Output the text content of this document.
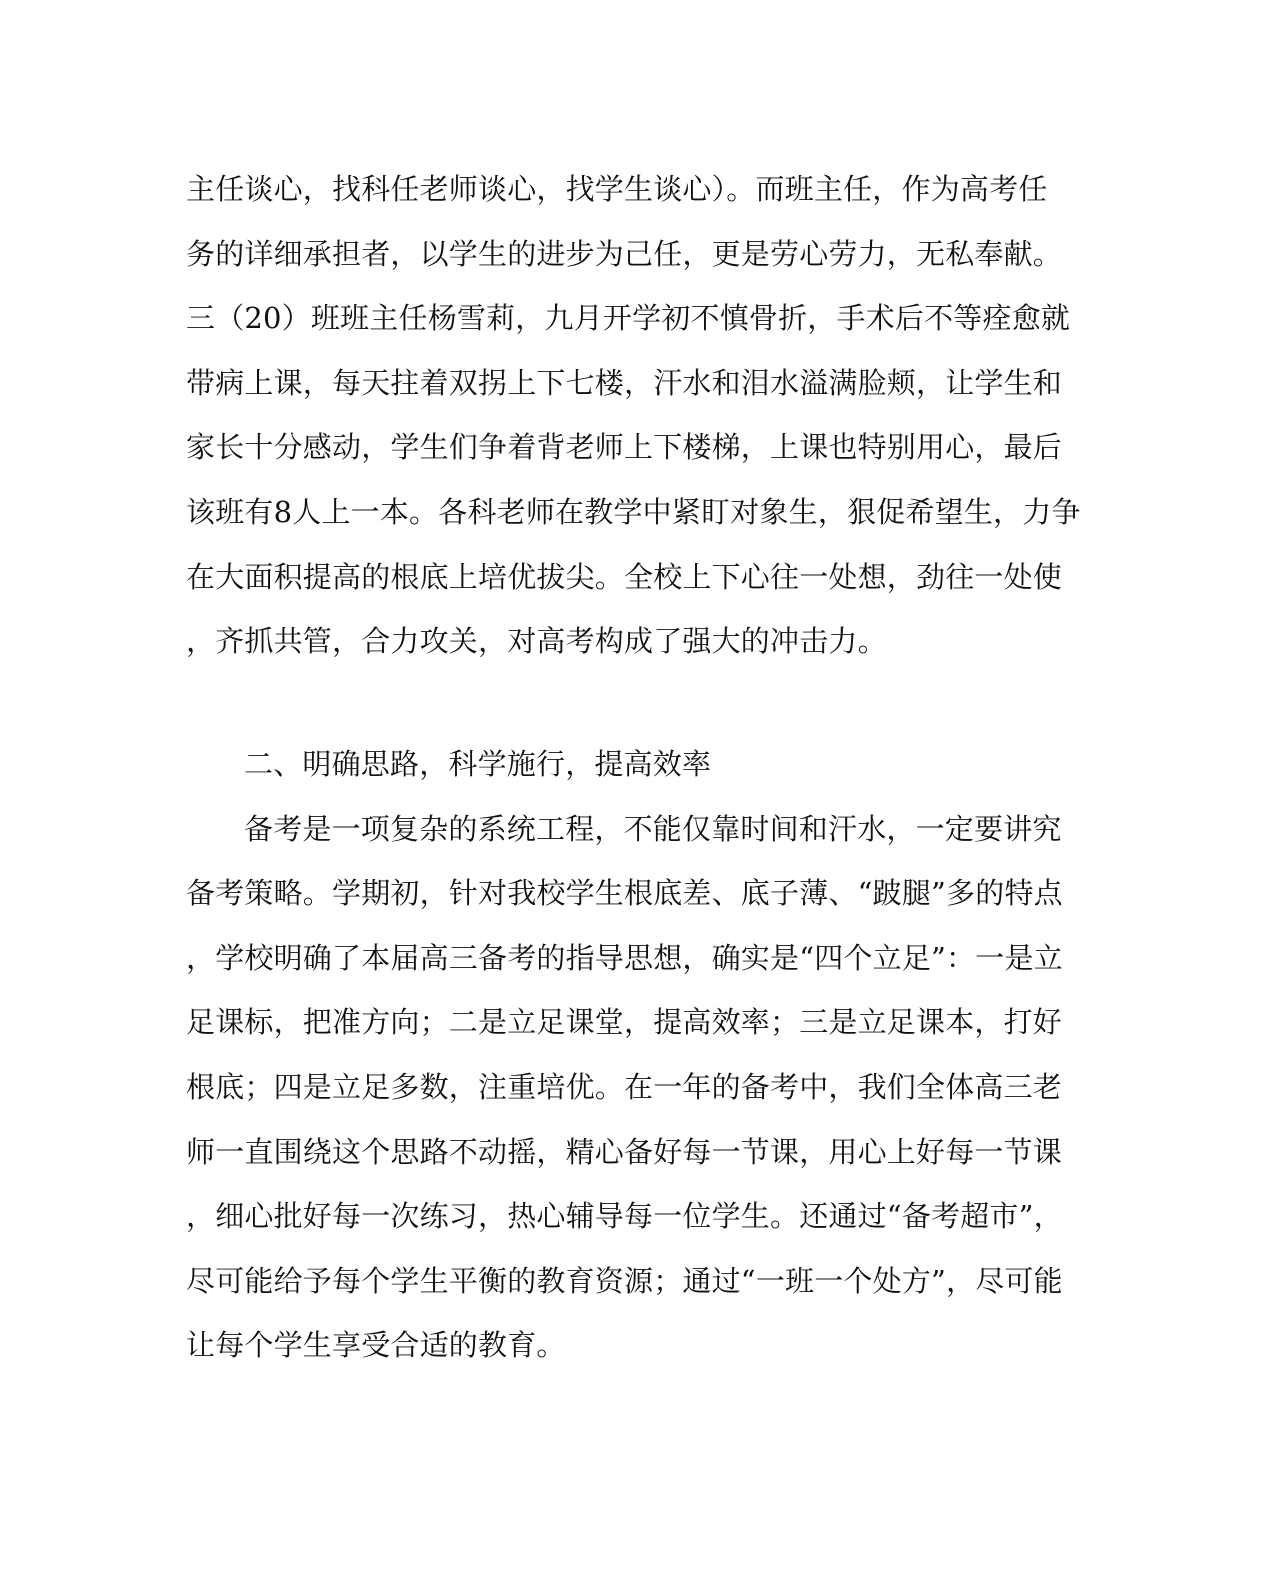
主任谈心，找科任老师谈心，找学生谈心）。而班主任，作为高考任
务的详细承担者，以学生的进步为己任，更是劳心劳力，无私奉献。
三（20）班班主任杨雪莉，九月开学初不慎骨折，手术后不等痊愈就
带病上课，每天拄着双拐上下七楼，汗水和泪水溢满脸颊，让学生和
家长十分感动，学生们争着背老师上下楼梯，上课也特别用心，最后
该班有8人上一本。各科老师在教学中紧盯对象生，狠促希望生，力争
在大面积提高的根底上培优拔尖。全校上下心往一处想，劲往一处使
，齐抓共管，合力攻关，对高考构成了强大的冲击力。
二、明确思路，科学施行，提高效率
备考是一项复杂的系统工程，不能仅靠时间和汗水，一定要讲究
备考策略。学期初，针对我校学生根底差、底子薄、“跛腿”多的特点
，学校明确了本届高三备考的指导思想，确实是“四个立足”：一是立
足课标，把准方向；二是立足课堂，提高效率；三是立足课本，打好
根底；四是立足多数，注重培优。在一年的备考中，我们全体高三老
师一直围绕这个思路不动摇，精心备好每一节课，用心上好每一节课
，细心批好每一次练习，热心辅导每一位学生。还通过“备考超市”，
尽可能给予每个学生平衡的教育资源；通过“一班一个处方”，尽可能
让每个学生享受合适的教育。
